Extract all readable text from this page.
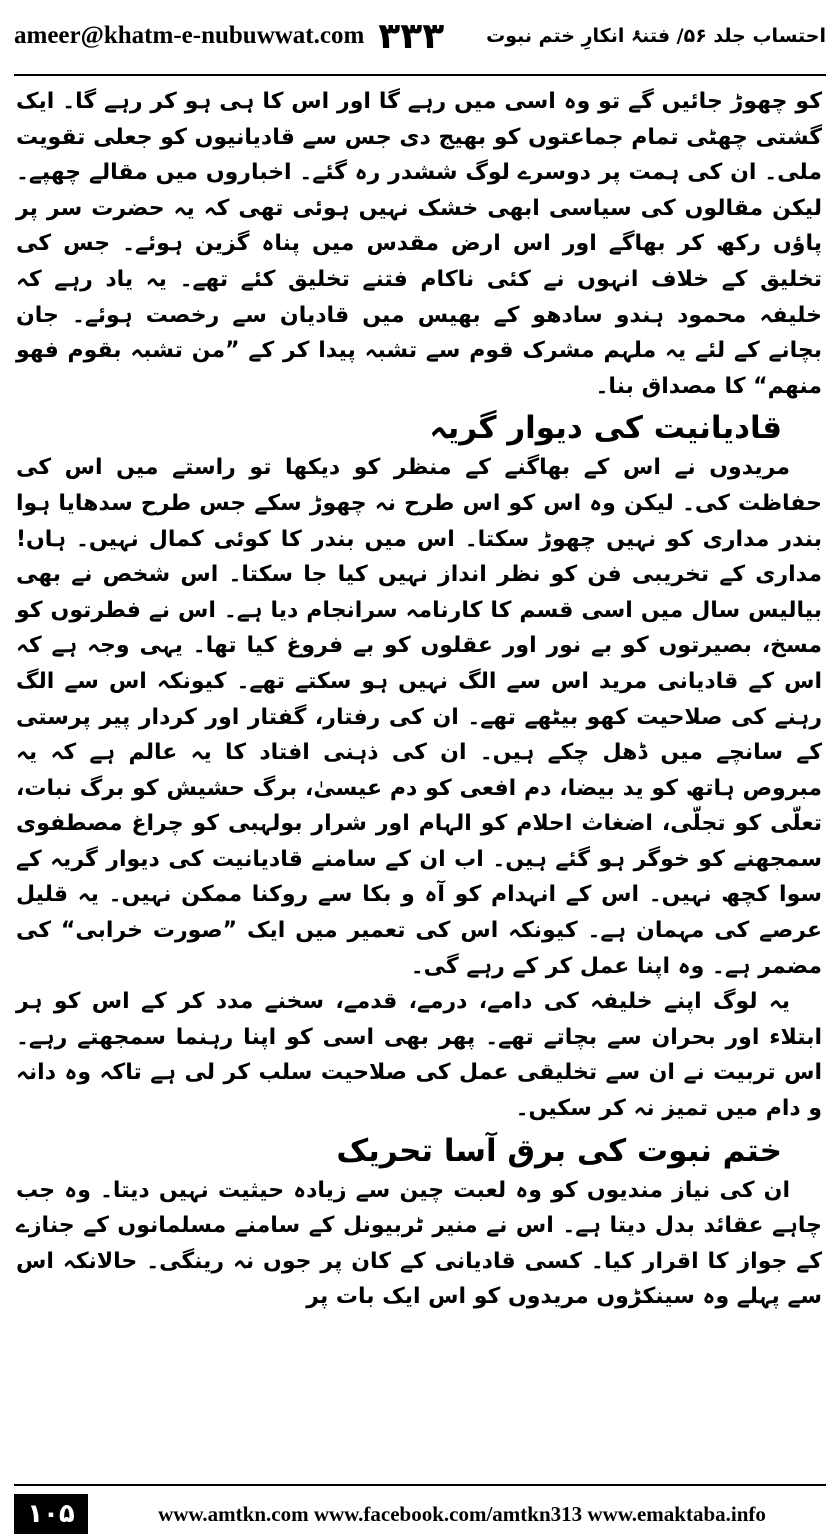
ameer@khatm-e-nubuwwat.com ۳۳۳ احتساب جلد ۵۶/ فتنۂ انکارِ ختم نبوت

کو چھوڑ جائیں گے تو وہ اسی میں رہے گا اور اس کا ہی ہو کر رہے گا۔ ایک گشتی چھٹی تمام جماعتوں کو بھیج دی جس سے قادیانیوں کو جعلی تقویت ملی۔ ان کی ہمت پر دوسرے لوگ ششدر رہ گئے۔ اخباروں میں مقالے چھپے۔ لیکن مقالوں کی سیاسی ابھی خشک نہیں ہوئی تھی کہ یہ حضرت سر پر پاؤں رکھ کر بھاگے اور اس ارض مقدس میں پناہ گزین ہوئے۔ جس کی تخلیق کے خلاف انہوں نے کئی ناکام فتنے تخلیق کئے تھے۔ یہ یاد رہے کہ خلیفہ محمود ہندو سادھو کے بھیس میں قادیان سے رخصت ہوئے۔ جان بچانے کے لئے یہ ملہم مشرک قوم سے تشبہ پیدا کر کے ”من تشبہ بقوم فھو منھم“ کا مصداق بنا۔

قادیانیت کی دیوار گریہ

مریدوں نے اس کے بھاگنے کے منظر کو دیکھا تو راستے میں اس کی حفاظت کی۔ لیکن وہ اس کو اس طرح نہ چھوڑ سکے جس طرح سدھایا ہوا بندر مداری کو نہیں چھوڑ سکتا۔ اس میں بندر کا کوئی کمال نہیں۔ ہاں! مداری کے تخریبی فن کو نظر انداز نہیں کیا جا سکتا۔ اس شخص نے بھی بیالیس سال میں اسی قسم کا کارنامہ سرانجام دیا ہے۔ اس نے فطرتوں کو مسخ، بصیرتوں کو بے نور اور عقلوں کو بے فروغ کیا تھا۔ یہی وجہ ہے کہ اس کے قادیانی مرید اس سے الگ نہیں ہو سکتے تھے۔ کیونکہ اس سے الگ رہنے کی صلاحیت کھو بیٹھے تھے۔ ان کی رفتار، گفتار اور کردار پیر پرستی کے سانچے میں ڈھل چکے ہیں۔ ان کی ذہنی افتاد کا یہ عالم ہے کہ یہ مبروص ہاتھ کو ید بیضا، دم افعی کو دم عیسیٰ، برگ حشیش کو برگ نبات، تعلّی کو تجلّی، اضغاث احلام کو الہام اور شرار بولہبی کو چراغ مصطفوی سمجھنے کو خوگر ہو گئے ہیں۔ اب ان کے سامنے قادیانیت کی دیوار گریہ کے سوا کچھ نہیں۔ اس کے انہدام کو آہ و بکا سے روکنا ممکن نہیں۔ یہ قلیل عرصے کی مہمان ہے۔ کیونکہ اس کی تعمیر میں ایک ”صورت خرابی“ کی مضمر ہے۔ وہ اپنا عمل کر کے رہے گی۔

یہ لوگ اپنے خلیفہ کی دامے، درمے، قدمے، سخنے مدد کر کے اس کو ہر ابتلاء اور بحران سے بچاتے تھے۔ پھر بھی اسی کو اپنا رہنما سمجھتے رہے۔ اس تربیت نے ان سے تخلیقی عمل کی صلاحیت سلب کر لی ہے تاکہ وہ دانہ و دام میں تمیز نہ کر سکیں۔

ختم نبوت کی برق آسا تحریک

ان کی نیاز مندیوں کو وہ لعبت چین سے زیادہ حیثیت نہیں دیتا۔ وہ جب چاہے عقائد بدل دیتا ہے۔ اس نے منیر ٹربیونل کے سامنے مسلمانوں کے جنازے کے جواز کا اقرار کیا۔ کسی قادیانی کے کان پر جوں نہ رینگی۔ حالانکہ اس سے پہلے وہ سینکڑوں مریدوں کو اس ایک بات پر

۱۰۵	www.amtkn.com www.facebook.com/amtkn313 www.emaktaba.info
